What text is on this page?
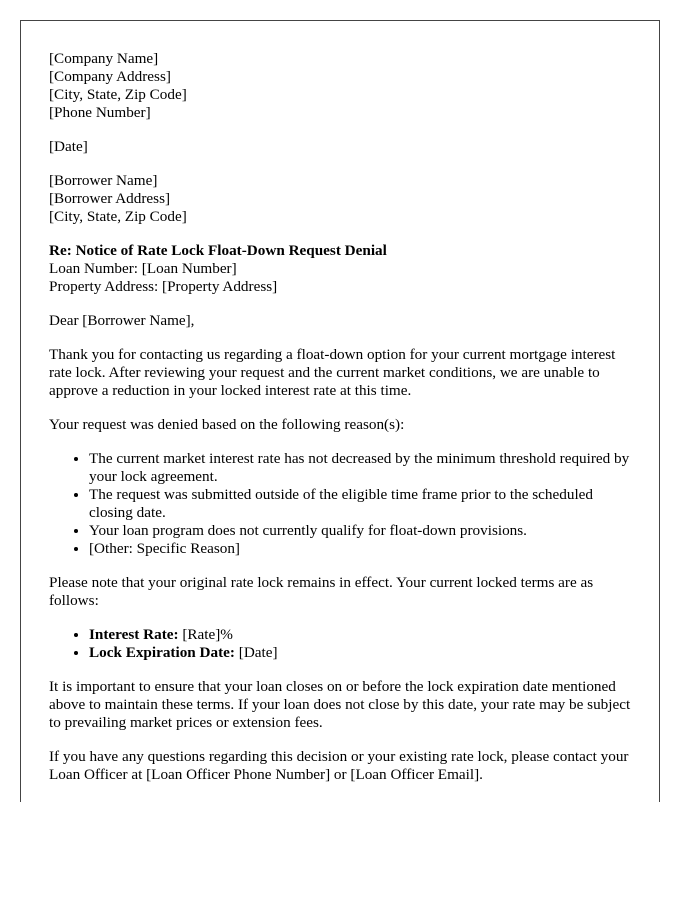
[Company Name]
[Company Address]
[City, State, Zip Code]
[Phone Number]

[Date]

[Borrower Name]
[Borrower Address]
[City, State, Zip Code]

Re: Notice of Rate Lock Float-Down Request Denial
Loan Number: [Loan Number]
Property Address: [Property Address]

Dear [Borrower Name],

Thank you for contacting us regarding a float-down option for your current mortgage interest rate lock. After reviewing your request and the current market conditions, we are unable to approve a reduction in your locked interest rate at this time.

Your request was denied based on the following reason(s):

• The current market interest rate has not decreased by the minimum threshold required by your lock agreement.
• The request was submitted outside of the eligible time frame prior to the scheduled closing date.
• Your loan program does not currently qualify for float-down provisions.
• [Other: Specific Reason]

Please note that your original rate lock remains in effect. Your current locked terms are as follows:

• Interest Rate: [Rate]%
• Lock Expiration Date: [Date]

It is important to ensure that your loan closes on or before the lock expiration date mentioned above to maintain these terms. If your loan does not close by this date, your rate may be subject to prevailing market prices or extension fees.

If you have any questions regarding this decision or your existing rate lock, please contact your Loan Officer at [Loan Officer Phone Number] or [Loan Officer Email].
